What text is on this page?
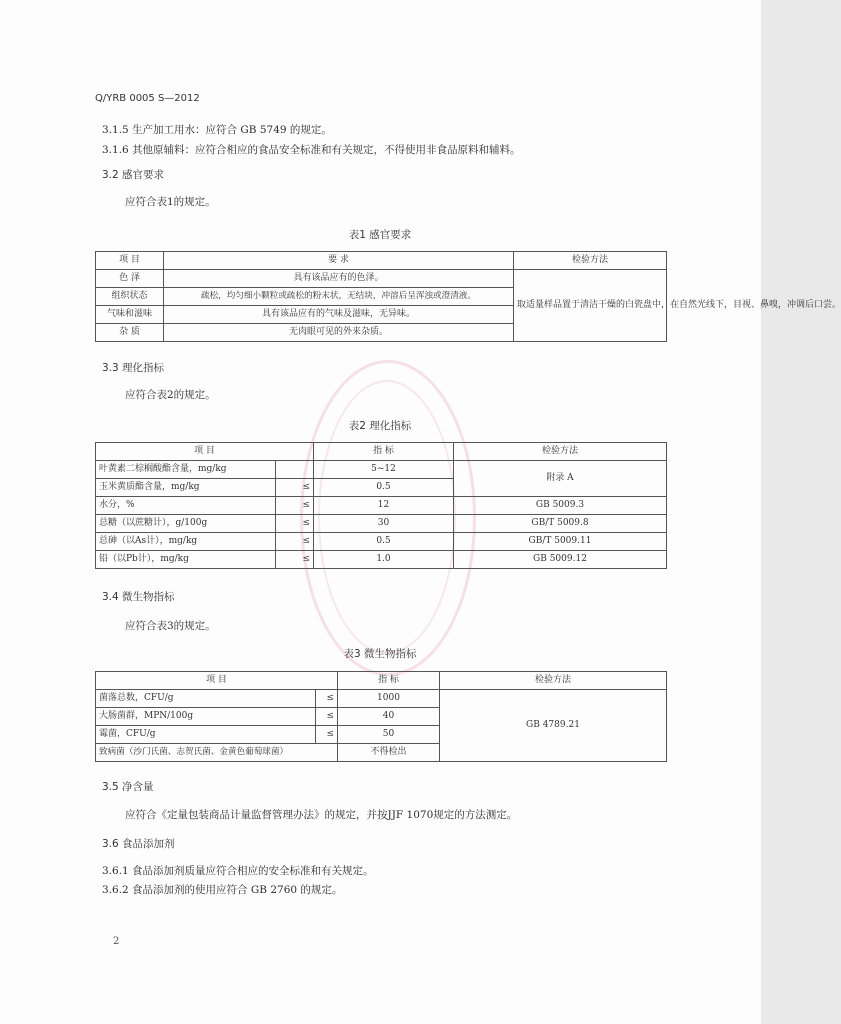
Q/YRB 0005 S—2012
3.1.5 生产加工用水：应符合 GB 5749 的规定。
3.1.6 其他原辅料：应符合相应的食品安全标准和有关规定，不得使用非食品原料和辅料。
3.2 感官要求
应符合表1的规定。
表1 感官要求
项 目	要 求	检验方法
色 泽	具有该品应有的色泽。	取适量样品置于清洁干燥的白瓷盘中，在自然光线下，目视、鼻嗅，冲调后口尝。
组织状态	疏松，均匀细小颗粒或疏松的粉末状，无结块，冲溶后呈浑浊或澄清液。	
气味和滋味	具有该品应有的气味及滋味，无异味。	
杂 质	无肉眼可见的外来杂质。	
3.3 理化指标
应符合表2的规定。
表2 理化指标
项 目		指 标	检验方法
叶黄素二棕榈酸酯含量，mg/kg		5~12	附录 A
玉米黄质酯含量，mg/kg	≤	0.5	
水分，%	≤	12	GB 5009.3
总糖（以蔗糖计），g/100g	≤	30	GB/T 5009.8
总砷（以As计），mg/kg	≤	0.5	GB/T 5009.11
铅（以Pb计），mg/kg	≤	1.0	GB 5009.12
3.4 微生物指标
应符合表3的规定。
表3 微生物指标
项 目		指 标	检验方法
菌落总数，CFU/g	≤	1000	GB 4789.21
大肠菌群，MPN/100g	≤	40	
霉菌，CFU/g	≤	50	
致病菌（沙门氏菌、志贺氏菌、金黄色葡萄球菌）		不得检出	
3.5 净含量
应符合《定量包装商品计量监督管理办法》的规定，并按JJF 1070规定的方法测定。
3.6 食品添加剂
3.6.1 食品添加剂质量应符合相应的安全标准和有关规定。
3.6.2 食品添加剂的使用应符合 GB 2760 的规定。
2
